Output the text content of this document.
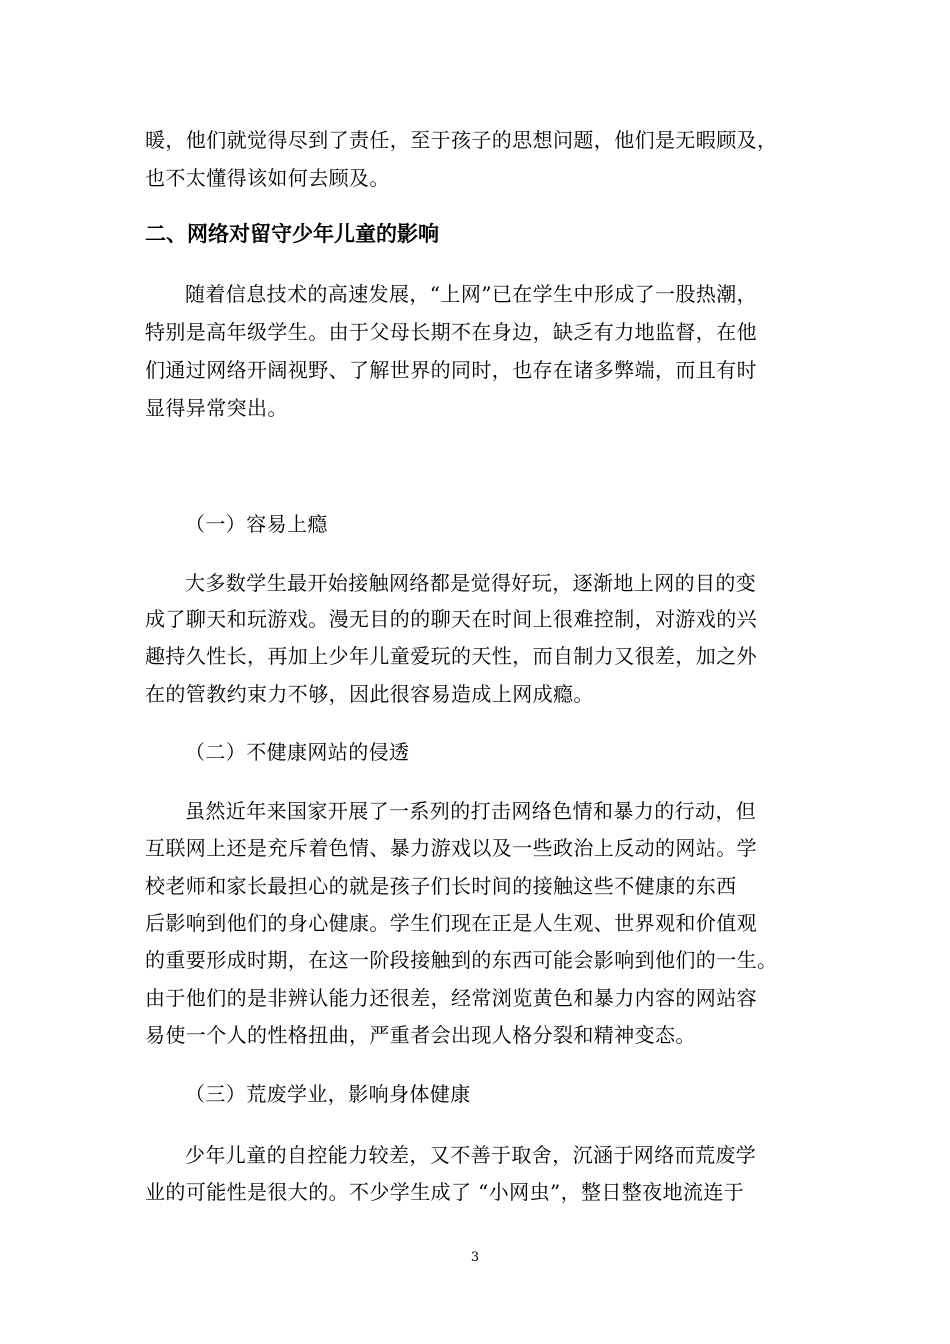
暖，他们就觉得尽到了责任，至于孩子的思想问题，他们是无暇顾及，
也不太懂得该如何去顾及。
二、网络对留守少年儿童的影响
随着信息技术的高速发展，“上网”已在学生中形成了一股热潮，
特别是高年级学生。由于父母长期不在身边，缺乏有力地监督，在他
们通过网络开阔视野、了解世界的同时，也存在诸多弊端，而且有时
显得异常突出。
（一）容易上瘾
大多数学生最开始接触网络都是觉得好玩，逐渐地上网的目的变
成了聊天和玩游戏。漫无目的的聊天在时间上很难控制，对游戏的兴
趣持久性长，再加上少年儿童爱玩的天性，而自制力又很差，加之外
在的管教约束力不够，因此很容易造成上网成瘾。
（二）不健康网站的侵透
虽然近年来国家开展了一系列的打击网络色情和暴力的行动，但
互联网上还是充斥着色情、暴力游戏以及一些政治上反动的网站。学
校老师和家长最担心的就是孩子们长时间的接触这些不健康的东西
后影响到他们的身心健康。学生们现在正是人生观、世界观和价值观
的重要形成时期，在这一阶段接触到的东西可能会影响到他们的一生。
由于他们的是非辨认能力还很差，经常浏览黄色和暴力内容的网站容
易使一个人的性格扭曲，严重者会出现人格分裂和精神变态。
（三）荒废学业，影响身体健康
少年儿童的自控能力较差，又不善于取舍，沉涵于网络而荒废学
业的可能性是很大的。不少学生成了 “小网虫”，整日整夜地流连于
3
